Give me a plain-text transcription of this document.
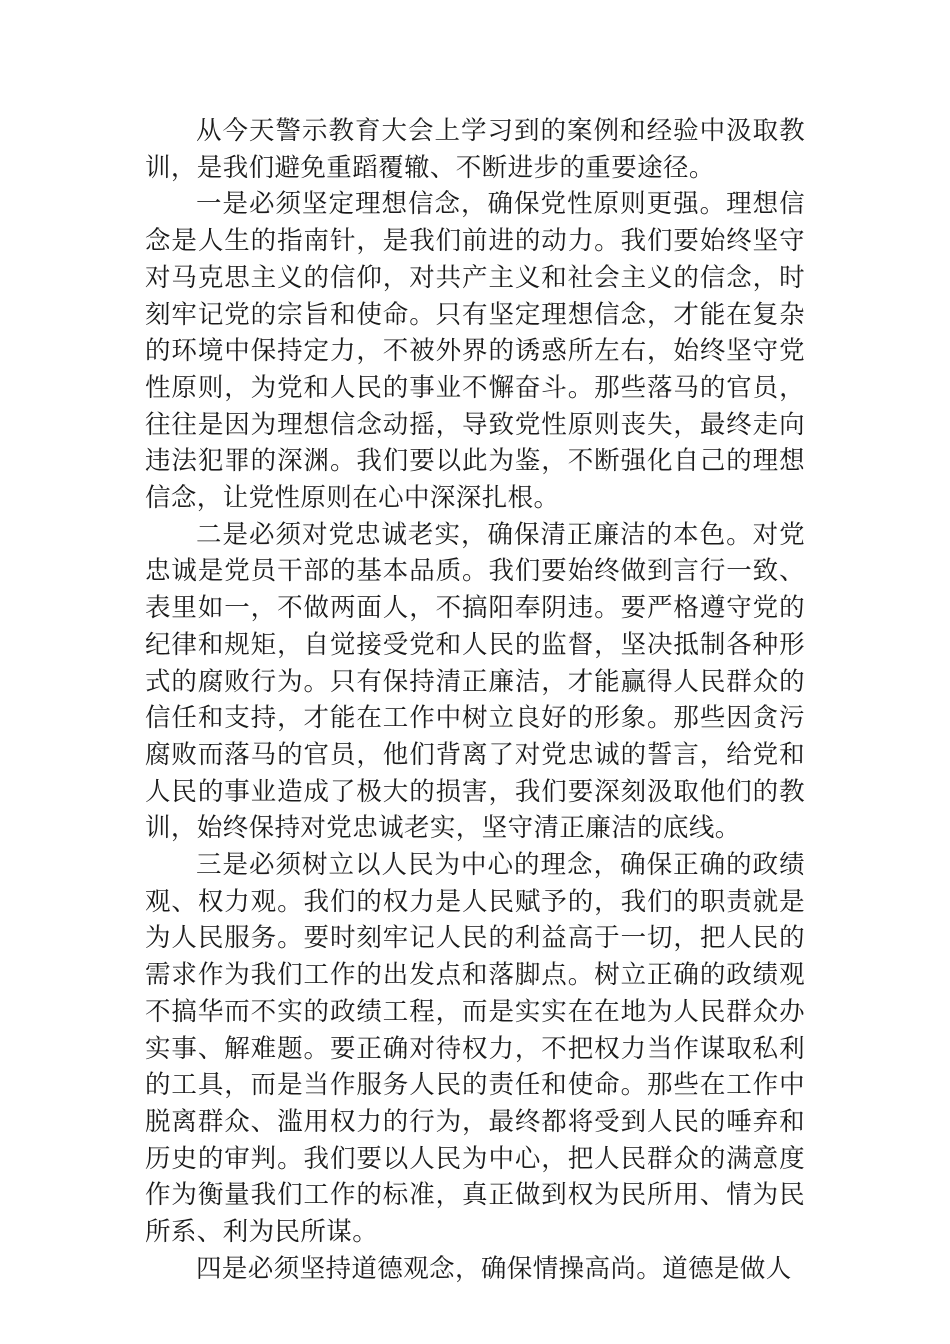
从今天警示教育大会上学习到的案例和经验中汲取教训，是我们避免重蹈覆辙、不断进步的重要途径。

一是必须坚定理想信念，确保党性原则更强。理想信念是人生的指南针，是我们前进的动力。我们要始终坚守对马克思主义的信仰，对共产主义和社会主义的信念，时刻牢记党的宗旨和使命。只有坚定理想信念，才能在复杂的环境中保持定力，不被外界的诱惑所左右，始终坚守党性原则，为党和人民的事业不懈奋斗。那些落马的官员，往往是因为理想信念动摇，导致党性原则丧失，最终走向违法犯罪的深渊。我们要以此为鉴，不断强化自己的理想信念，让党性原则在心中深深扎根。

二是必须对党忠诚老实，确保清正廉洁的本色。对党忠诚是党员干部的基本品质。我们要始终做到言行一致、表里如一，不做两面人，不搞阳奉阴违。要严格遵守党的纪律和规矩，自觉接受党和人民的监督，坚决抵制各种形式的腐败行为。只有保持清正廉洁，才能赢得人民群众的信任和支持，才能在工作中树立良好的形象。那些因贪污腐败而落马的官员，他们背离了对党忠诚的誓言，给党和人民的事业造成了极大的损害，我们要深刻汲取他们的教训，始终保持对党忠诚老实，坚守清正廉洁的底线。

三是必须树立以人民为中心的理念，确保正确的政绩观、权力观。我们的权力是人民赋予的，我们的职责就是为人民服务。要时刻牢记人民的利益高于一切，把人民的需求作为我们工作的出发点和落脚点。树立正确的政绩观不搞华而不实的政绩工程，而是实实在在地为人民群众办实事、解难题。要正确对待权力，不把权力当作谋取私利的工具，而是当作服务人民的责任和使命。那些在工作中脱离群众、滥用权力的行为，最终都将受到人民的唾弃和历史的审判。我们要以人民为中心，把人民群众的满意度作为衡量我们工作的标准，真正做到权为民所用、情为民所系、利为民所谋。

四是必须坚持道德观念，确保情操高尚。道德是做人
